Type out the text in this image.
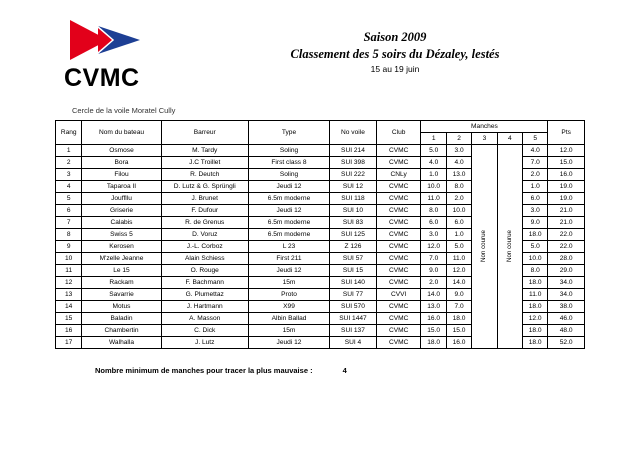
CVMC
Saison 2009
Classement des 5 soirs du Dézaley, lestés
15 au 19 juin
Cercle de la voile Moratel Cully
Rang	Nom du bateau	Barreur	Type	No voile	Club	Manches					Pts
						1	2	3	4	5	
1	Osmose	M. Tardy	Soling	SUI 214	CVMC	5.0	3.0	Non courue	Non courue	4.0	12.0
2	Bora	J.C Troillet	First class 8	SUI 398	CVMC	4.0	4.0			7.0	15.0
3	Filou	R. Deutch	Soling	SUI 222	CNLy	1.0	13.0			2.0	16.0
4	Taparoa II	D. Lutz & G. Sprüngli	Jeudi 12	SUI 12	CVMC	10.0	8.0			1.0	19.0
5	Jouffllu	J. Brunet	6.5m moderne	SUI 118	CVMC	11.0	2.0			6.0	19.0
6	Griserie	F. Dufour	Jeudi 12	SUI 10	CVMC	8.0	10.0			3.0	21.0
7	Calabis	R. de Grenus	6.5m moderne	SUI 83	CVMC	6.0	6.0			9.0	21.0
8	Swiss 5	D. Voruz	6.5m moderne	SUI 125	CVMC	3.0	1.0			18.0	22.0
9	Kerosen	J.-L. Corboz	L 23	Z 126	CVMC	12.0	5.0			5.0	22.0
10	M'zelle Jeanne	Alain Schiess	First 211	SUI 57	CVMC	7.0	11.0			10.0	28.0
11	Le 15	O. Rouge	Jeudi 12	SUI 15	CVMC	9.0	12.0			8.0	29.0
12	Rackam	F. Bachmann	15m	SUI 140	CVMC	2.0	14.0			18.0	34.0
13	Savarrie	G. Plumettaz	Proto	SUI 77	CVVI	14.0	9.0			11.0	34.0
14	Motus	J. Hartmann	X99	SUI 570	CVMC	13.0	7.0			18.0	38.0
15	Baladin	A. Masson	Albin Ballad	SUI 1447	CVMC	16.0	18.0			12.0	46.0
16	Chambertin	C. Dick	15m	SUI 137	CVMC	15.0	15.0			18.0	48.0
17	Walhalla	J. Lutz	Jeudi 12	SUI 4	CVMC	18.0	16.0			18.0	52.0
Nombre minimum de manches pour tracer la plus mauvaise :	4
